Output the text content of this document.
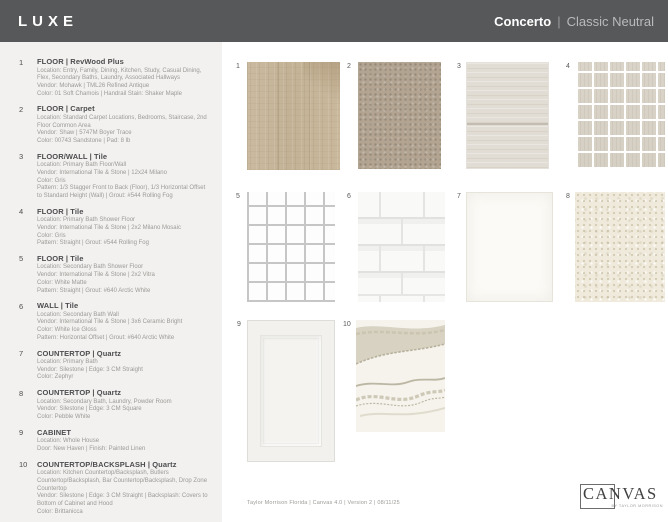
LUXE	Concerto | Classic Neutral
1	FLOOR | RevWood Plus
Location: Entry, Family, Dining, Kitchen, Study, Casual Dining, Flex, Secondary Baths, Laundry, Associated Hallways
Vendor: Mohawk | TML26 Refined Antique
Color: 01 Soft Chamois | Handrail Stain: Shaker Maple
2	FLOOR | Carpet
Location: Standard Carpet Locations, Bedrooms, Staircase, 2nd Floor Common Area
Vendor: Shaw | 5747M Boyer Trace
Color: 00743 Sandstone | Pad: 8 lb
3	FLOOR/WALL | Tile
Location: Primary Bath Floor/Wall
Vendor: International Tile & Stone | 12x24 Milano
Color: Gris
Pattern: 1/3 Stagger Front to Back (Floor), 1/3 Horizontal Offset to Standard Height (Wall) | Grout: #544 Rolling Fog
4	FLOOR | Tile
Location: Primary Bath Shower Floor
Vendor: International Tile & Stone | 2x2 Milano Mosaic
Color: Gris
Pattern: Straight | Grout: #544 Rolling Fog
5	FLOOR | Tile
Location: Secondary Bath Shower Floor
Vendor: International Tile & Stone | 2x2 Vitra
Color: White Matte
Pattern: Straight | Grout: #640 Arctic White
6	WALL | Tile
Location: Secondary Bath Wall
Vendor: International Tile & Stone | 3x6 Ceramic Bright
Color: White Ice Gloss
Pattern: Horizontal Offset | Grout: #640 Arctic White
7	COUNTERTOP | Quartz
Location: Primary Bath
Vendor: Silestone | Edge: 3 CM Straight
Color: Zephyr
8	COUNTERTOP | Quartz
Location: Secondary Bath, Laundry, Powder Room
Vendor: Silestone | Edge: 3 CM Square
Color: Pebble White
9	CABINET
Location: Whole House
Door: New Haven | Finish: Painted Linen
10	COUNTERTOP/BACKSPLASH | Quartz
Location: Kitchen Countertop/Backsplash, Butlers Countertop/Backsplash, Bar Countertop/Backsplash, Drop Zone Countertop
Vendor: Silestone | Edge: 3 CM Straight | Backsplash: Covers to Bottom of Cabinet and Hood
Color: Brittanicca
1	2	3	4
5	6	7	8
9	10
Taylor Morrison Florida | Canvas 4.0 | Version 2 | 08/11/25	CANVAS
BY TAYLOR MORRISON
